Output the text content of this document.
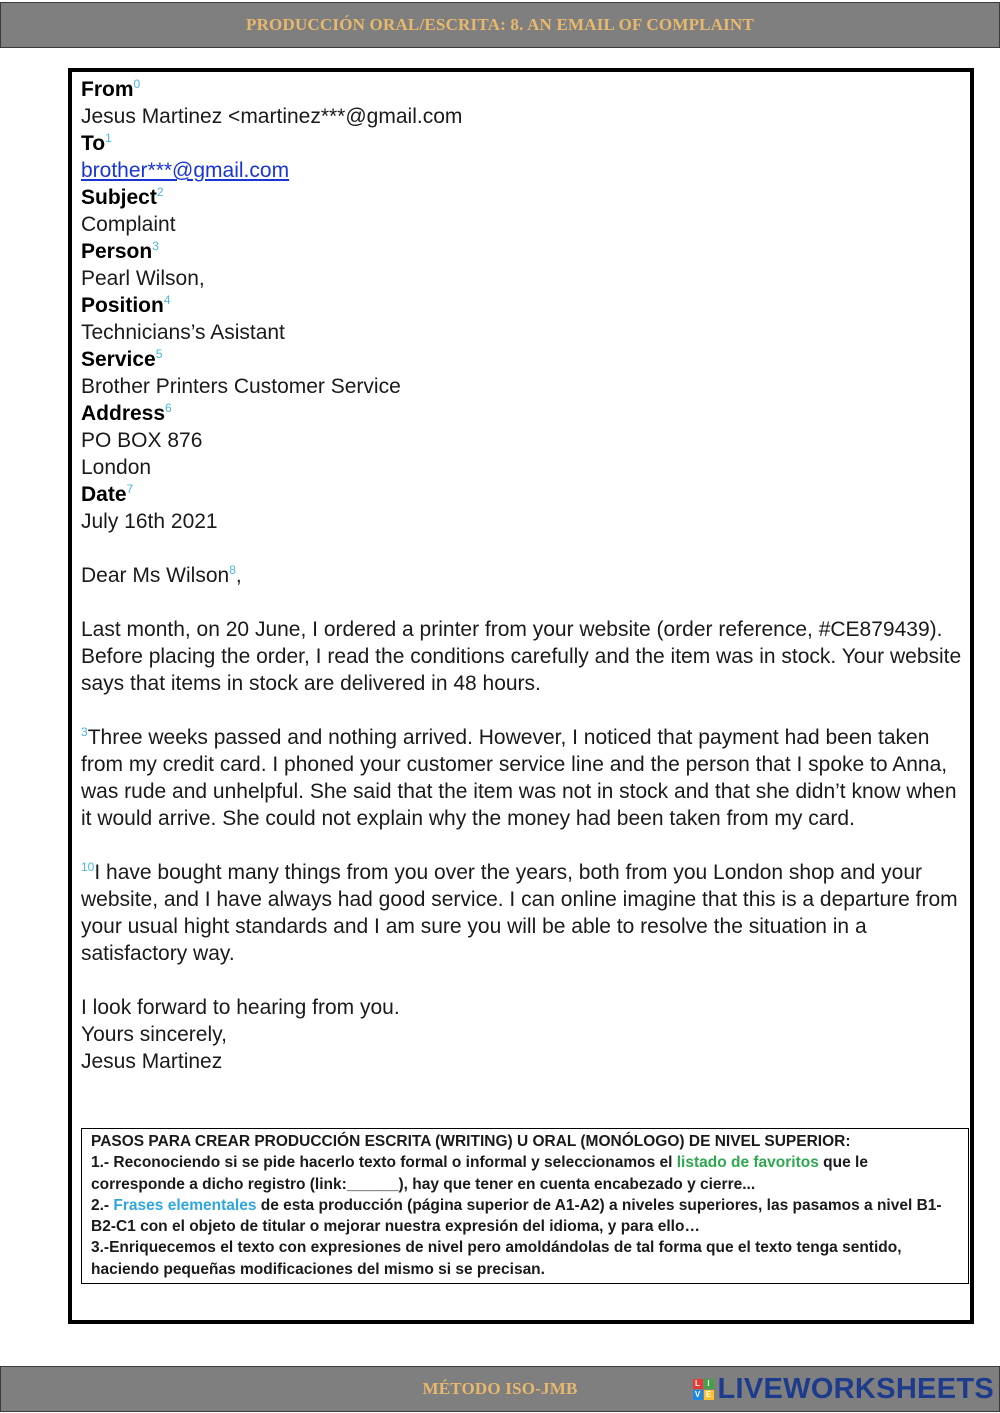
PRODUCCIÓN ORAL/ESCRITA: 8. AN EMAIL OF COMPLAINT
From$^0$
Jesus Martinez <martinez***@gmail.com
To$^1$
brother***@gmail.com
Subject$^2$
Complaint
Person$^3$
Pearl Wilson,
Position$^4$
Technicians’s Asistant
Service$^5$
Brother Printers Customer Service
Address$^6$
PO BOX 876
London
Date$^7$
July 16th 2021
Dear Ms Wilson$^8$,
Last month, on 20 June, I ordered a printer from your website (order reference, #CE879439). Before placing the order, I read the conditions carefully and the item was in stock. Your website says that items in stock are delivered in 48 hours.
$^3$Three weeks passed and nothing arrived. However, I noticed that payment had been taken from my credit card. I phoned your customer service line and the person that I spoke to Anna, was rude and unhelpful. She said that the item was not in stock and that she didn’t know when it would arrive. She could not explain why the money had been taken from my card.
$^{10}$I have bought many things from you over the years, both from you London shop and your website, and I have always had good service. I can online imagine that this is a departure from your usual hight standards and I am sure you will be able to resolve the situation in a satisfactory way.
I look forward to hearing from you.
Yours sincerely,
Jesus Martinez
PASOS PARA CREAR PRODUCCIÓN ESCRITA (WRITING) U ORAL (MONÓLOGO) DE NIVEL SUPERIOR:
1.- Reconociendo si se pide hacerlo texto formal o informal y seleccionamos el listado de favoritos que le corresponde a dicho registro (link:______), hay que tener en cuenta encabezado y cierre...
2.- Frases elementales de esta producción (página superior de A1-A2) a niveles superiores, las pasamos a nivel B1-B2-C1 con el objeto de titular o mejorar nuestra expresión del idioma, y para ello…
3.-Enriquecemos el texto con expresiones de nivel pero amoldándolas de tal forma que el texto tenga sentido, haciendo pequeñas modificaciones del mismo si se precisan.
MÉTODO ISO-JMB	L I
V E LIVEWORKSHEETS
